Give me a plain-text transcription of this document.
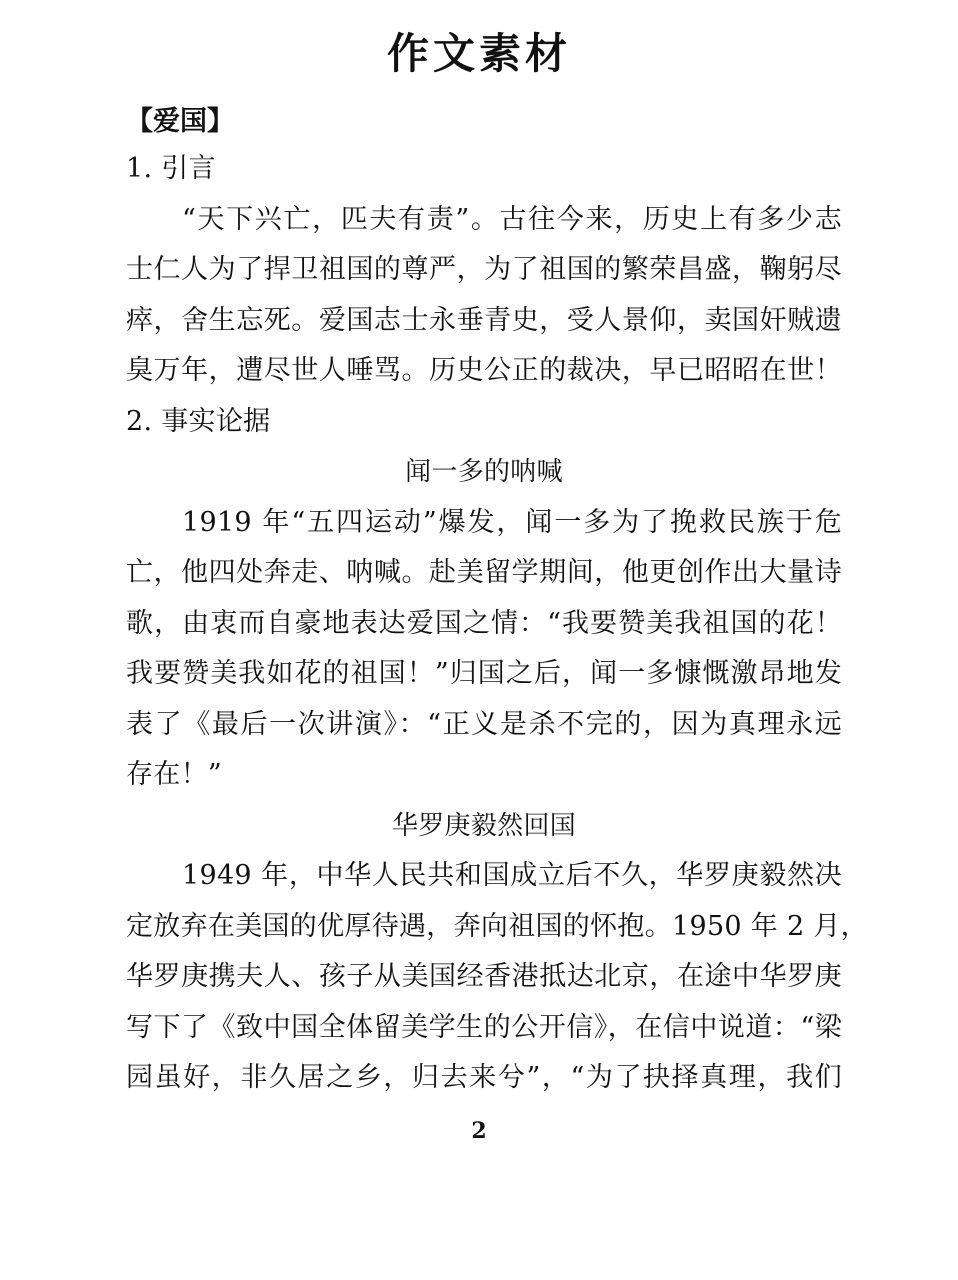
作文素材
【爱国】
1. 引言
“天下兴亡，匹夫有责”。古往今来，历史上有多少志
士仁人为了捍卫祖国的尊严，为了祖国的繁荣昌盛，鞠躬尽
瘁，舍生忘死。爱国志士永垂青史，受人景仰，卖国奸贼遗
臭万年，遭尽世人唾骂。历史公正的裁决，早已昭昭在世！
2. 事实论据
闻一多的呐喊
1919 年“五四运动”爆发，闻一多为了挽救民族于危
亡，他四处奔走、呐喊。赴美留学期间，他更创作出大量诗
歌，由衷而自豪地表达爱国之情：“我要赞美我祖国的花！
我要赞美我如花的祖国！”归国之后，闻一多慷慨激昂地发
表了《最后一次讲演》：“正义是杀不完的，因为真理永远
存在！”
华罗庚毅然回国
1949 年，中华人民共和国成立后不久，华罗庚毅然决
定放弃在美国的优厚待遇，奔向祖国的怀抱。1950 年 2 月，
华罗庚携夫人、孩子从美国经香港抵达北京，在途中华罗庚
写下了《致中国全体留美学生的公开信》，在信中说道：“梁
园虽好，非久居之乡，归去来兮”，“为了抉择真理，我们
2
